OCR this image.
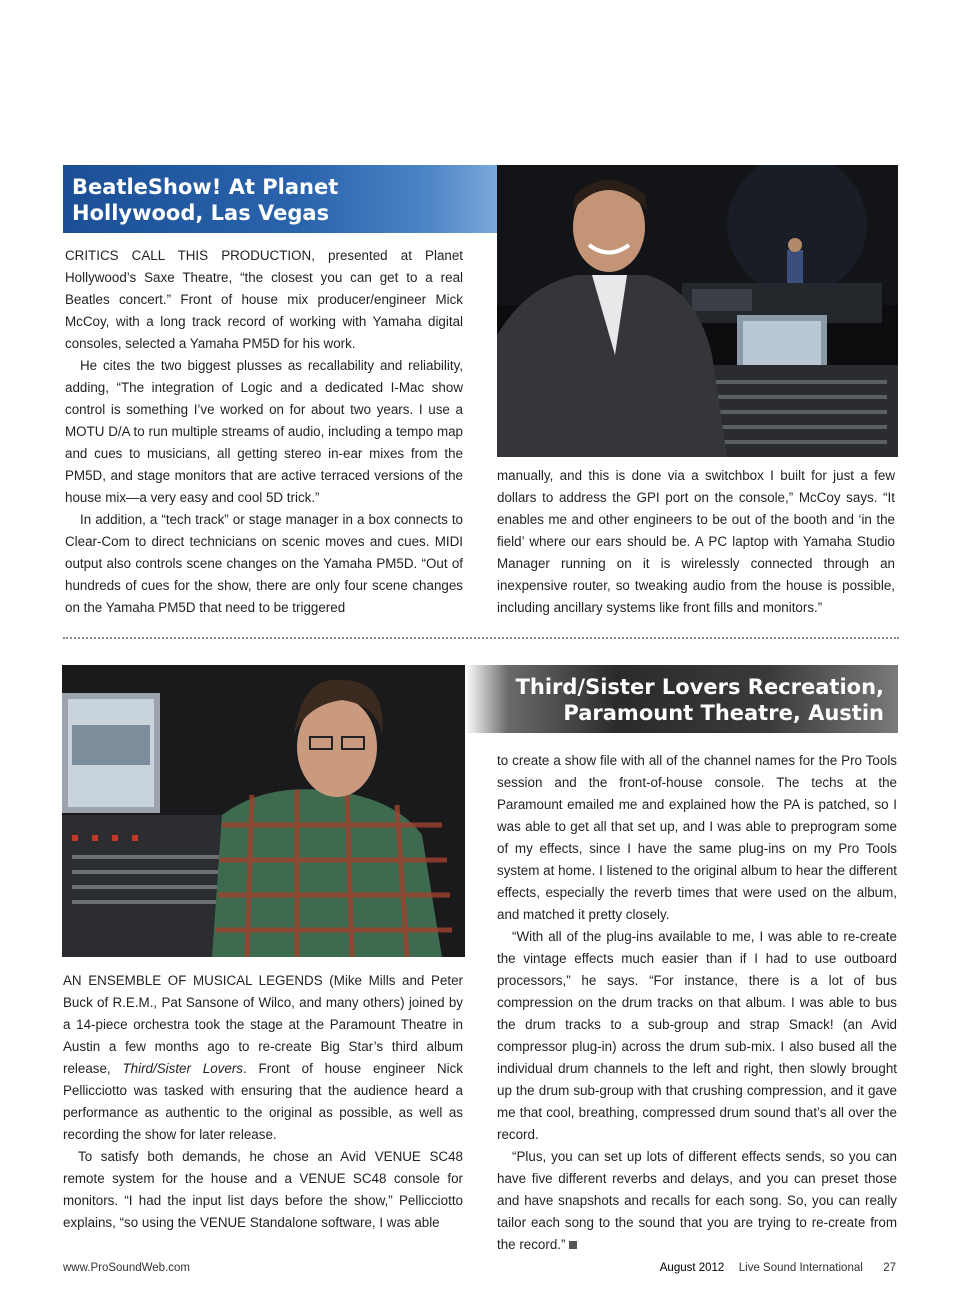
BeatleShow! At Planet
Hollywood, Las Vegas

CRITICS CALL THIS PRODUCTION, presented at Planet Hollywood’s Saxe Theatre, “the closest you can get to a real Beatles concert.” Front of house mix producer/engineer Mick McCoy, with a long track record of working with Yamaha digital consoles, selected a Yamaha PM5D for his work.

He cites the two biggest plusses as recallability and reliability, adding, “The integration of Logic and a dedicated I-Mac show control is something I’ve worked on for about two years. I use a MOTU D/A to run multiple streams of audio, including a tempo map and cues to musicians, all getting stereo in-ear mixes from the PM5D, and stage monitors that are active terraced versions of the house mix—a very easy and cool 5D trick.”

In addition, a “tech track” or stage manager in a box connects to Clear-Com to direct technicians on scenic moves and cues. MIDI output also controls scene changes on the Yamaha PM5D. “Out of hundreds of cues for the show, there are only four scene changes on the Yamaha PM5D that need to be triggered

manually, and this is done via a switchbox I built for just a few dollars to address the GPI port on the console,” McCoy says. “It enables me and other engineers to be out of the booth and ‘in the field’ where our ears should be. A PC laptop with Yamaha Studio Manager running on it is wirelessly connected through an inexpensive router, so tweaking audio from the house is possible, including ancillary systems like front fills and monitors.”

Third/Sister Lovers Recreation,
Paramount Theatre, Austin

AN ENSEMBLE OF MUSICAL LEGENDS (Mike Mills and Peter Buck of R.E.M., Pat Sansone of Wilco, and many others) joined by a 14-piece orchestra took the stage at the Paramount Theatre in Austin a few months ago to re-create Big Star’s third album release, Third/Sister Lovers. Front of house engineer Nick Pellicciotto was tasked with ensuring that the audience heard a performance as authentic to the original as possible, as well as recording the show for later release.

To satisfy both demands, he chose an Avid VENUE SC48 remote system for the house and a VENUE SC48 console for monitors. “I had the input list days before the show,” Pellicciotto explains, “so using the VENUE Standalone software, I was able

to create a show file with all of the channel names for the Pro Tools session and the front-of-house console. The techs at the Paramount emailed me and explained how the PA is patched, so I was able to get all that set up, and I was able to preprogram some of my effects, since I have the same plug-ins on my Pro Tools system at home. I listened to the original album to hear the different effects, especially the reverb times that were used on the album, and matched it pretty closely.

“With all of the plug-ins available to me, I was able to re-create the vintage effects much easier than if I had to use outboard processors,” he says. “For instance, there is a lot of bus compression on the drum tracks on that album. I was able to bus the drum tracks to a sub-group and strap Smack! (an Avid compressor plug-in) across the drum sub-mix. I also bused all the individual drum channels to the left and right, then slowly brought up the drum sub-group with that crushing compression, and it gave me that cool, breathing, compressed drum sound that’s all over the record.

“Plus, you can set up lots of different effects sends, so you can have five different reverbs and delays, and you can preset those and have snapshots and recalls for each song. So, you can really tailor each song to the sound that you are trying to re-create from the record.”

www.ProSoundWeb.com	August 2012 Live Sound International 27
